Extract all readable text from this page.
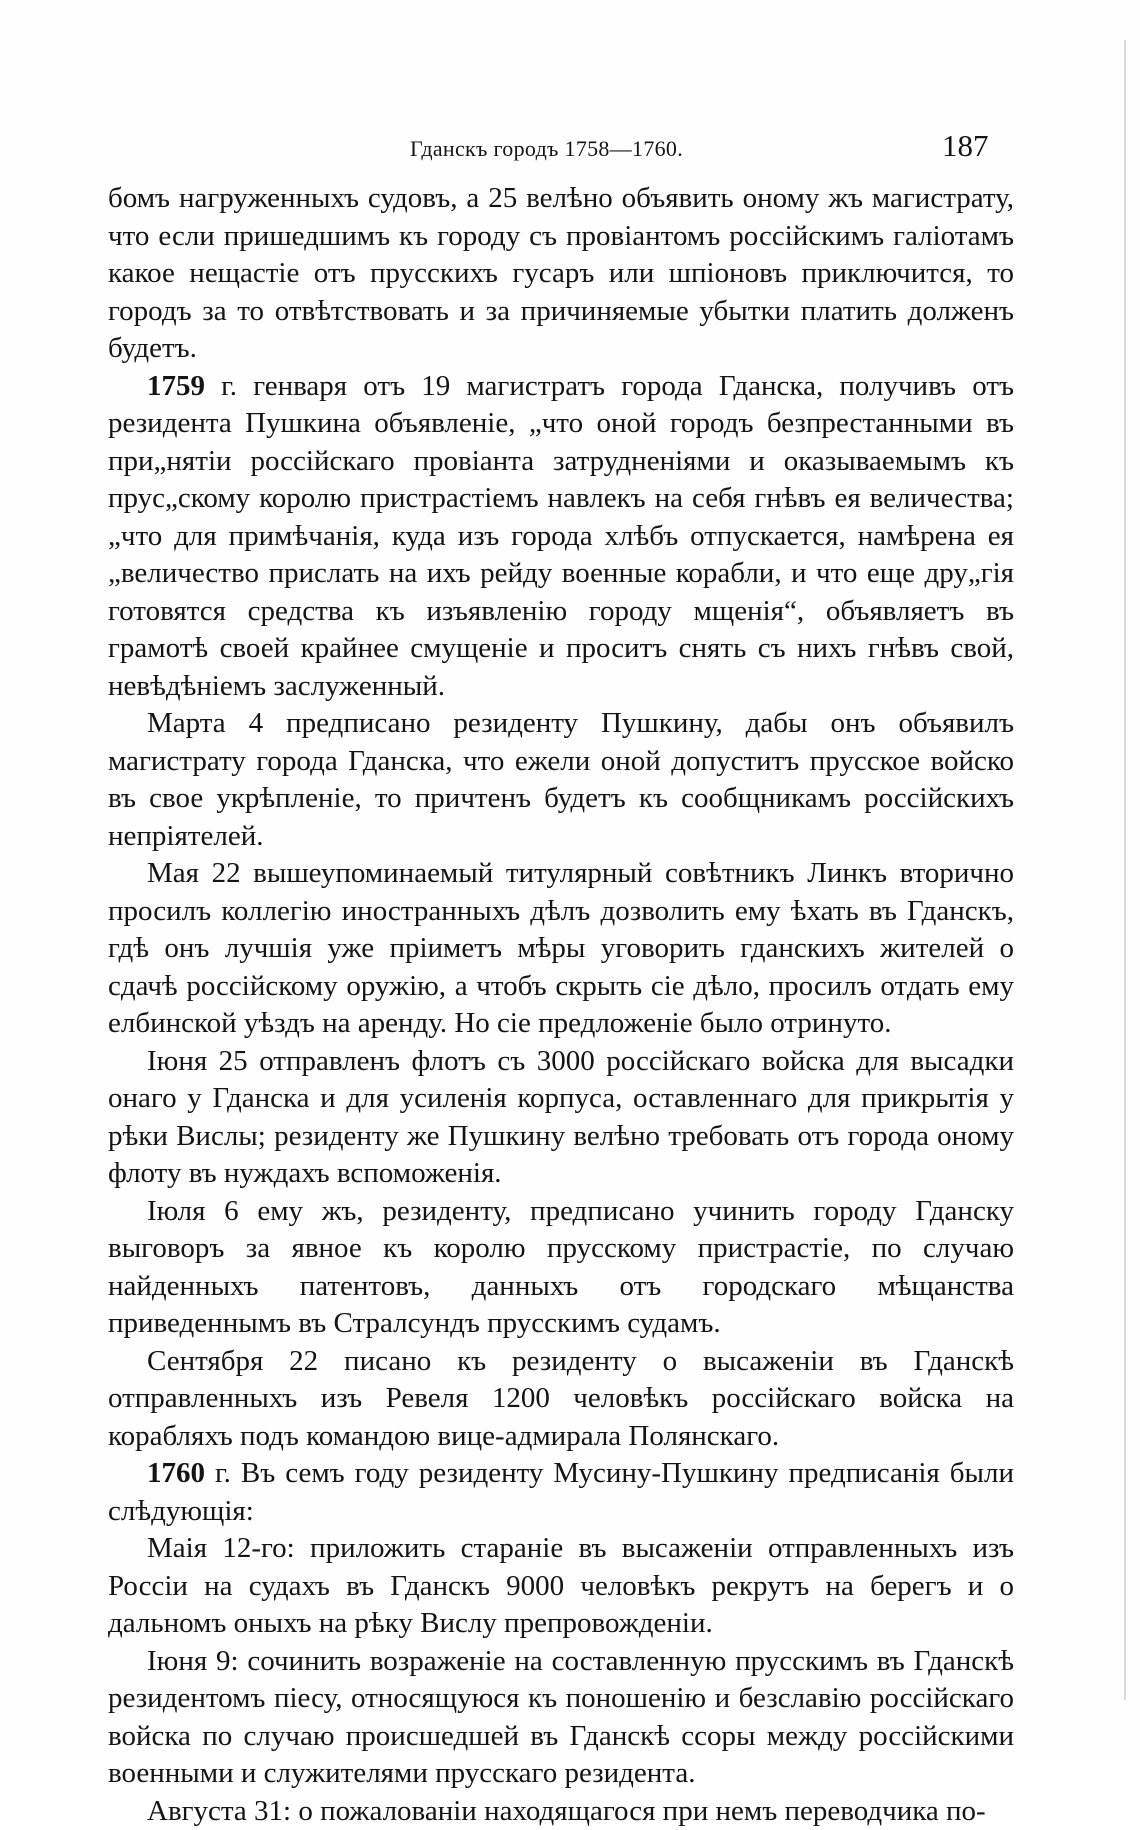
Гданскъ городъ 1758—1760.	187

бомъ нагруженныхъ судовъ, а 25 велѣно объявить оному жъ магистрату, что если пришедшимъ къ городу съ провіантомъ россійскимъ галіотамъ какое нещастіе отъ прусскихъ гусаръ или шпіоновъ приключится, то городъ за то отвѣтствовать и за причиняемые убытки платить долженъ будетъ.

1759 г. генваря отъ 19 магистратъ города Гданска, получивъ отъ резидента Пушкина объявленіе, „что оной городъ безпрестанными въ при„нятіи россійскаго провіанта затрудненіями и оказываемымъ къ прус„скому королю пристрастіемъ навлекъ на себя гнѣвъ ея величества; „что для примѣчанія, куда изъ города хлѣбъ отпускается, намѣрена ея „величество прислать на ихъ рейду военные корабли, и что еще дру„гія готовятся средства къ изъявленію городу мщенія“, объявляетъ въ грамотѣ своей крайнее смущеніе и проситъ снять съ нихъ гнѣвъ свой, невѣдѣніемъ заслуженный.

Марта 4 предписано резиденту Пушкину, дабы онъ объявилъ магистрату города Гданска, что ежели оной допуститъ прусское войско въ свое укрѣпленіе, то причтенъ будетъ къ сообщникамъ россійскихъ непріятелей.

Мая 22 вышеупоминаемый титулярный совѣтникъ Линкъ вторично просилъ коллегію иностранныхъ дѣлъ дозволить ему ѣхать въ Гданскъ, гдѣ онъ лучшія уже пріиметъ мѣры уговорить гданскихъ жителей о сдачѣ россійскому оружію, а чтобъ скрыть сіе дѣло, просилъ отдать ему елбинской уѣздъ на аренду. Но сіе предложеніе было отринуто.

Іюня 25 отправленъ флотъ съ 3000 россійскаго войска для высадки онаго у Гданска и для усиленія корпуса, оставленнаго для прикрытія у рѣки Вислы; резиденту же Пушкину велѣно требовать отъ города оному флоту въ нуждахъ вспоможенія.

Іюля 6 ему жъ, резиденту, предписано учинить городу Гданску выговоръ за явное къ королю прусскому пристрастіе, по случаю найденныхъ патентовъ, данныхъ отъ городскаго мѣщанства приведеннымъ въ Стралсундъ прусскимъ судамъ.

Сентября 22 писано къ резиденту о высаженіи въ Гданскѣ отправленныхъ изъ Ревеля 1200 человѣкъ россійскаго войска на корабляхъ подъ командою вице-адмирала Полянскаго.

1760 г. Въ семъ году резиденту Мусину-Пушкину предписанія были слѣдующія:

Маія 12-го: приложить стараніе въ высаженіи отправленныхъ изъ Россіи на судахъ въ Гданскъ 9000 человѣкъ рекрутъ на берегъ и о дальномъ оныхъ на рѣку Вислу препровожденіи.

Іюня 9: сочинить возраженіе на составленную прусскимъ въ Гданскѣ резидентомъ піесу, относящуюся къ поношенію и безславію россійскаго войска по случаю происшедшей въ Гданскѣ ссоры между россійскими военными и служителями прусскаго резидента.

Августа 31: о пожалованіи находящагося при немъ переводчика по-
